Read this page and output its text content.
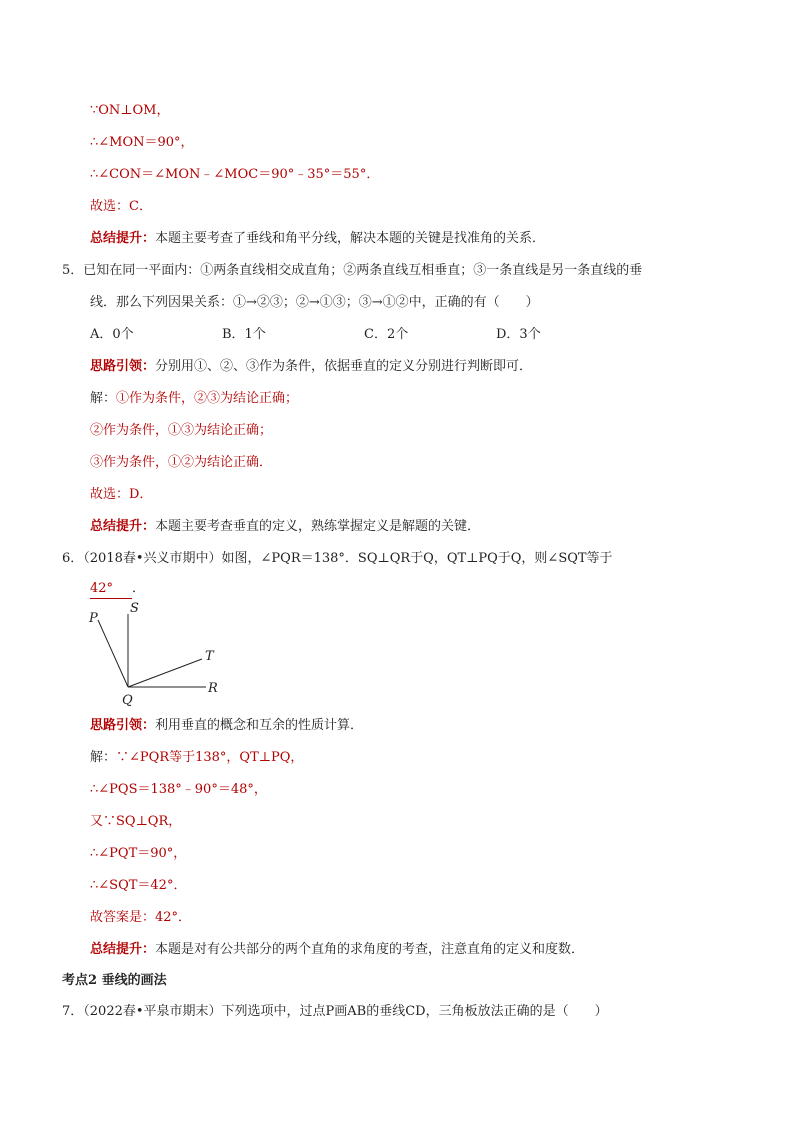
∵ON⊥OM，
∴∠MON＝90°，
∴∠CON＝∠MON﹣∠MOC＝90°﹣35°＝55°．
故选：C．
总结提升：本题主要考查了垂线和角平分线，解决本题的关键是找准角的关系．
5．已知在同一平面内：①两条直线相交成直角；②两条直线互相垂直；③一条直线是另一条直线的垂
线．那么下列因果关系：①→②③；②→①③；③→①②中，正确的有（　　）
A．0个	B．1个	C．2个	D．3个
思路引领：分别用①、②、③作为条件，依据垂直的定义分别进行判断即可．
解：①作为条件，②③为结论正确；
②作为条件，①③为结论正确；
③作为条件，①②为结论正确．
故选：D．
总结提升：本题主要考查垂直的定义，熟练掌握定义是解题的关键．
6．（2018春•兴义市期中）如图，∠PQR＝138°．SQ⊥QR于Q，QT⊥PQ于Q，则∠SQT等于
42° ．
P
S
T
Q
R
思路引领：利用垂直的概念和互余的性质计算．
解：∵∠PQR等于138°，QT⊥PQ，
∴∠PQS＝138°﹣90°＝48°，
又∵SQ⊥QR，
∴∠PQT＝90°，
∴∠SQT＝42°．
故答案是：42°．
总结提升：本题是对有公共部分的两个直角的求角度的考查，注意直角的定义和度数．
考点2 垂线的画法
7．（2022春•平泉市期末）下列选项中，过点P画AB的垂线CD，三角板放法正确的是（　　）
